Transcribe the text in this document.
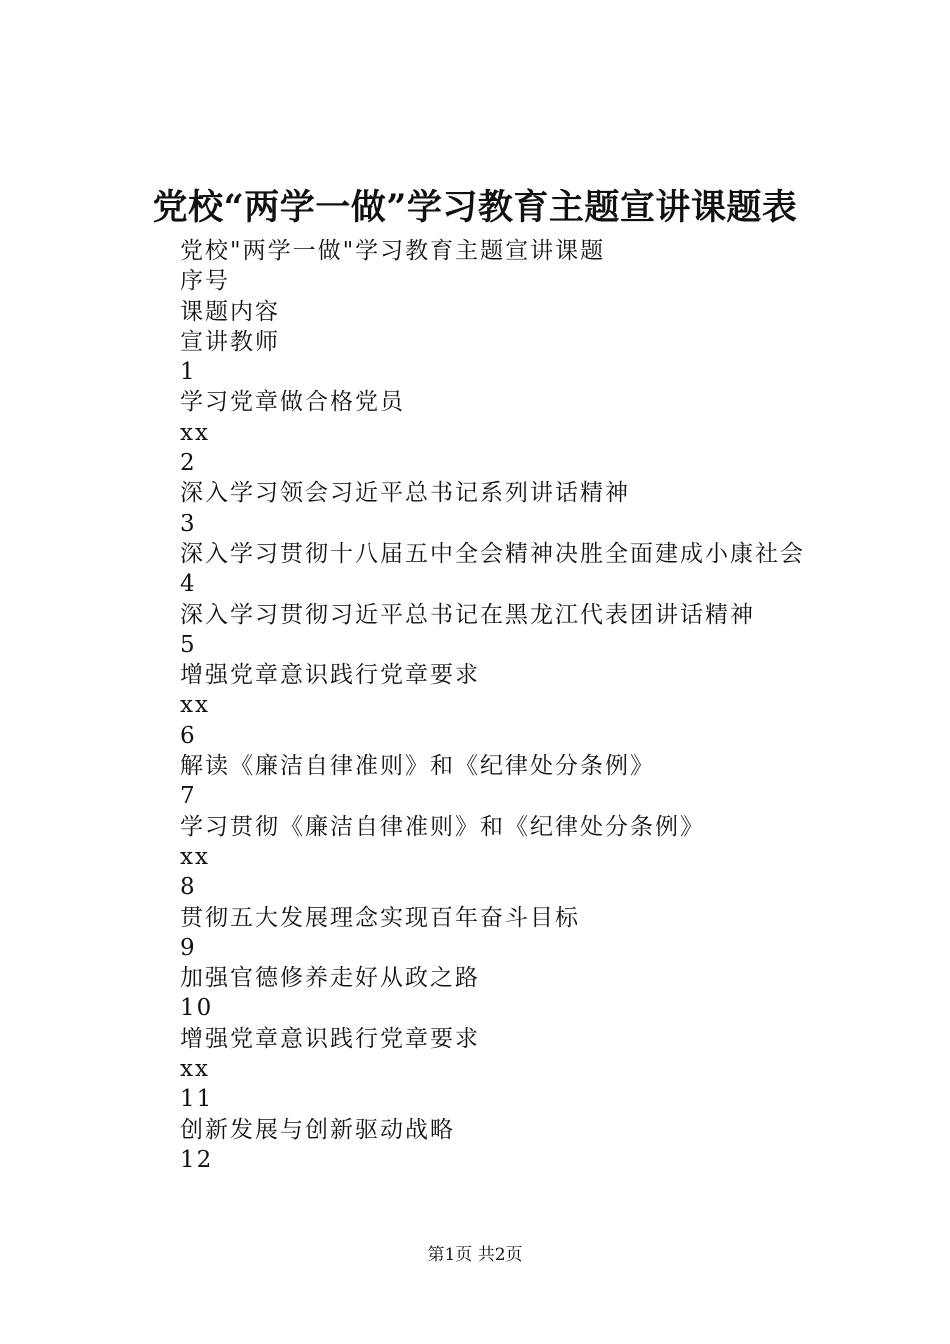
党校“两学一做”学习教育主题宣讲课题表
党校"两学一做"学习教育主题宣讲课题
序号
课题内容
宣讲教师
1
学习党章做合格党员
xx
2
深入学习领会习近平总书记系列讲话精神
3
深入学习贯彻十八届五中全会精神决胜全面建成小康社会
4
深入学习贯彻习近平总书记在黑龙江代表团讲话精神
5
增强党章意识践行党章要求
xx
6
解读《廉洁自律准则》和《纪律处分条例》
7
学习贯彻《廉洁自律准则》和《纪律处分条例》
xx
8
贯彻五大发展理念实现百年奋斗目标
9
加强官德修养走好从政之路
10
增强党章意识践行党章要求
xx
11
创新发展与创新驱动战略
12
第1页 共2页
